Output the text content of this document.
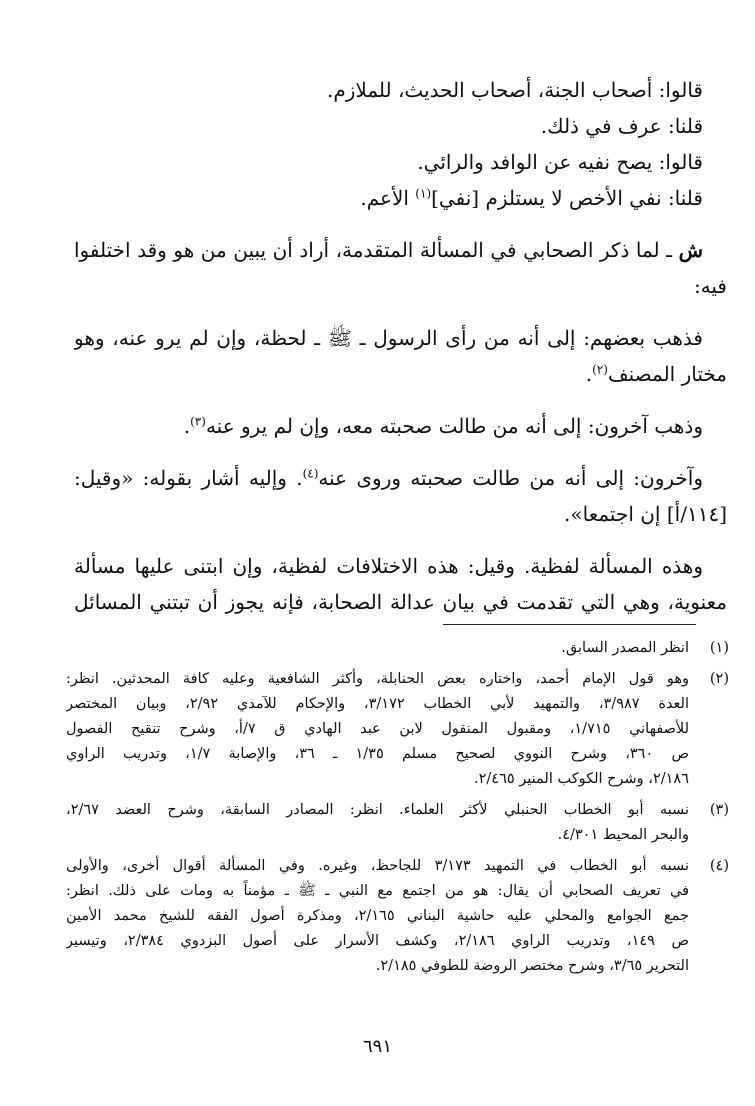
قالوا: أصحاب الجنة، أصحاب الحديث، للملازم.
قلنا: عرف في ذلك.
قالوا: يصح نفيه عن الوافد والرائي.
قلنا: نفي الأخص لا يستلزم [نفي]$^{(١)}$ الأعم.
ش ـ لما ذكر الصحابي في المسألة المتقدمة، أراد أن يبين من هو وقد اختلفوا
فيه:
فذهب بعضهم: إلى أنه من رأى الرسول ـ ﷺ ـ لحظة، وإن لم يرو عنه، وهو
مختار المصنف$^{(٢)}$.
وذهب آخرون: إلى أنه من طالت صحبته معه، وإن لم يرو عنه$^{(٣)}$.
وآخرون: إلى أنه من طالت صحبته وروى عنه$^{(٤)}$. وإليه أشار بقوله: «وقيل:
[١١٤/أ] إن اجتمعا».
وهذه المسألة لفظية. وقيل: هذه الاختلافات لفظية، وإن ابتنى عليها مسألة
معنوية، وهي التي تقدمت في بيان عدالة الصحابة، فإنه يجوز أن تبتني المسائل
(١)
انظر المصدر السابق.
(٢)
وهو قول الإمام أحمد، واختاره بعض الحنابلة، وأكثر الشافعية وعليه كافة المحدثين. انظر:
العدة ٣/٩٨٧، والتمهيد لأبي الخطاب ٣/١٧٢، والإحكام للآمدي ٢/٩٢، وبيان المختصر
للأصفهاني ١/٧١٥، ومقبول المنقول لابن عبد الهادي ق ٧/أ، وشرح تنقيح الفصول
ص ٣٦٠، وشرح النووي لصحيح مسلم ١/٣٥ ـ ٣٦، والإصابة ١/٧، وتدريب الراوي
٢/١٨٦، وشرح الكوكب المنير ٢/٤٦٥.
(٣)
نسبه أبو الخطاب الحنبلي لأكثر العلماء. انظر: المصادر السابقة، وشرح العضد ٢/٦٧،
والبحر المحيط ٤/٣٠١.
(٤)
نسبه أبو الخطاب في التمهيد ٣/١٧٣ للجاحظ، وغيره. وفي المسألة أقوال أخرى، والأولى
في تعريف الصحابي أن يقال: هو من اجتمع مع النبي ـ ﷺ ـ مؤمناً به ومات على ذلك. انظر:
جمع الجوامع والمحلي عليه حاشية البناني ٢/١٦٥، ومذكرة أصول الفقه للشيخ محمد الأمين
ص ١٤٩، وتدريب الراوي ٢/١٨٦، وكشف الأسرار على أصول البزدوي ٢/٣٨٤، وتيسير
التحرير ٣/٦٥، وشرح مختصر الروضة للطوفي ٢/١٨٥.
٦٩١
